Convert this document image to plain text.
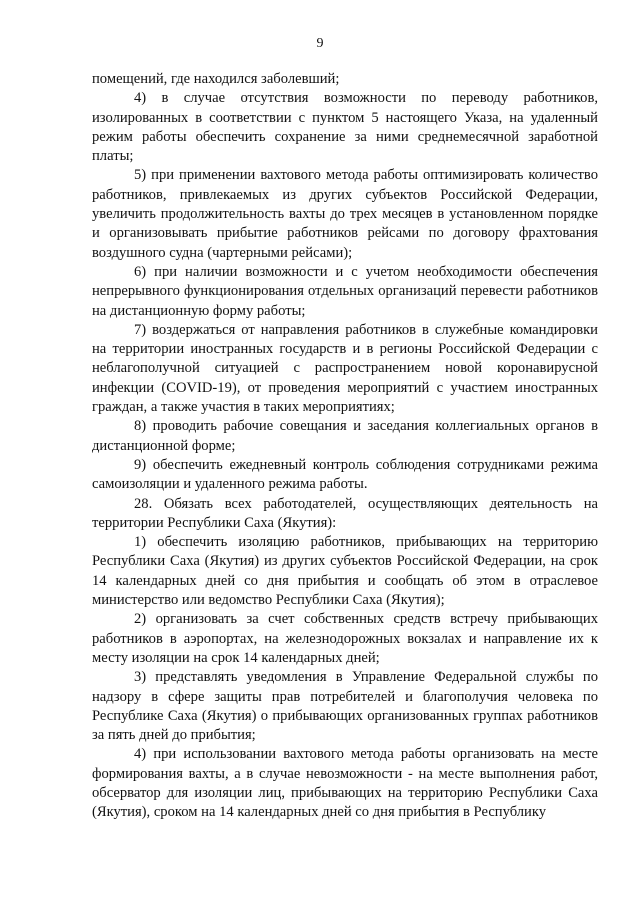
9

помещений, где находился заболевший;

4) в случае отсутствия возможности по переводу работников, изолированных в соответствии с пунктом 5 настоящего Указа, на удаленный режим работы обеспечить сохранение за ними среднемесячной заработной платы;

5) при применении вахтового метода работы оптимизировать количество работников, привлекаемых из других субъектов Российской Федерации, увеличить продолжительность вахты до трех месяцев в установленном порядке и организовывать прибытие работников рейсами по договору фрахтования воздушного судна (чартерными рейсами);

6) при наличии возможности и с учетом необходимости обеспечения непрерывного функционирования отдельных организаций перевести работников на дистанционную форму работы;

7) воздержаться от направления работников в служебные командировки на территории иностранных государств и в регионы Российской Федерации с неблагополучной ситуацией с распространением новой коронавирусной инфекции (COVID-19), от проведения мероприятий с участием иностранных граждан, а также участия в таких мероприятиях;

8) проводить рабочие совещания и заседания коллегиальных органов в дистанционной форме;

9) обеспечить ежедневный контроль соблюдения сотрудниками режима самоизоляции и удаленного режима работы.

28. Обязать всех работодателей, осуществляющих деятельность на территории Республики Саха (Якутия):

1) обеспечить изоляцию работников, прибывающих на территорию Республики Саха (Якутия) из других субъектов Российской Федерации, на срок 14 календарных дней со дня прибытия и сообщать об этом в отраслевое министерство или ведомство Республики Саха (Якутия);

2) организовать за счет собственных средств встречу прибывающих работников в аэропортах, на железнодорожных вокзалах и направление их к месту изоляции на срок 14 календарных дней;

3) представлять уведомления в Управление Федеральной службы по надзору в сфере защиты прав потребителей и благополучия человека по Республике Саха (Якутия) о прибывающих организованных группах работников за пять дней до прибытия;

4) при использовании вахтового метода работы организовать на месте формирования вахты, а в случае невозможности - на месте выполнения работ, обсерватор для изоляции лиц, прибывающих на территорию Республики Саха (Якутия), сроком на 14 календарных дней со дня прибытия в Республику
